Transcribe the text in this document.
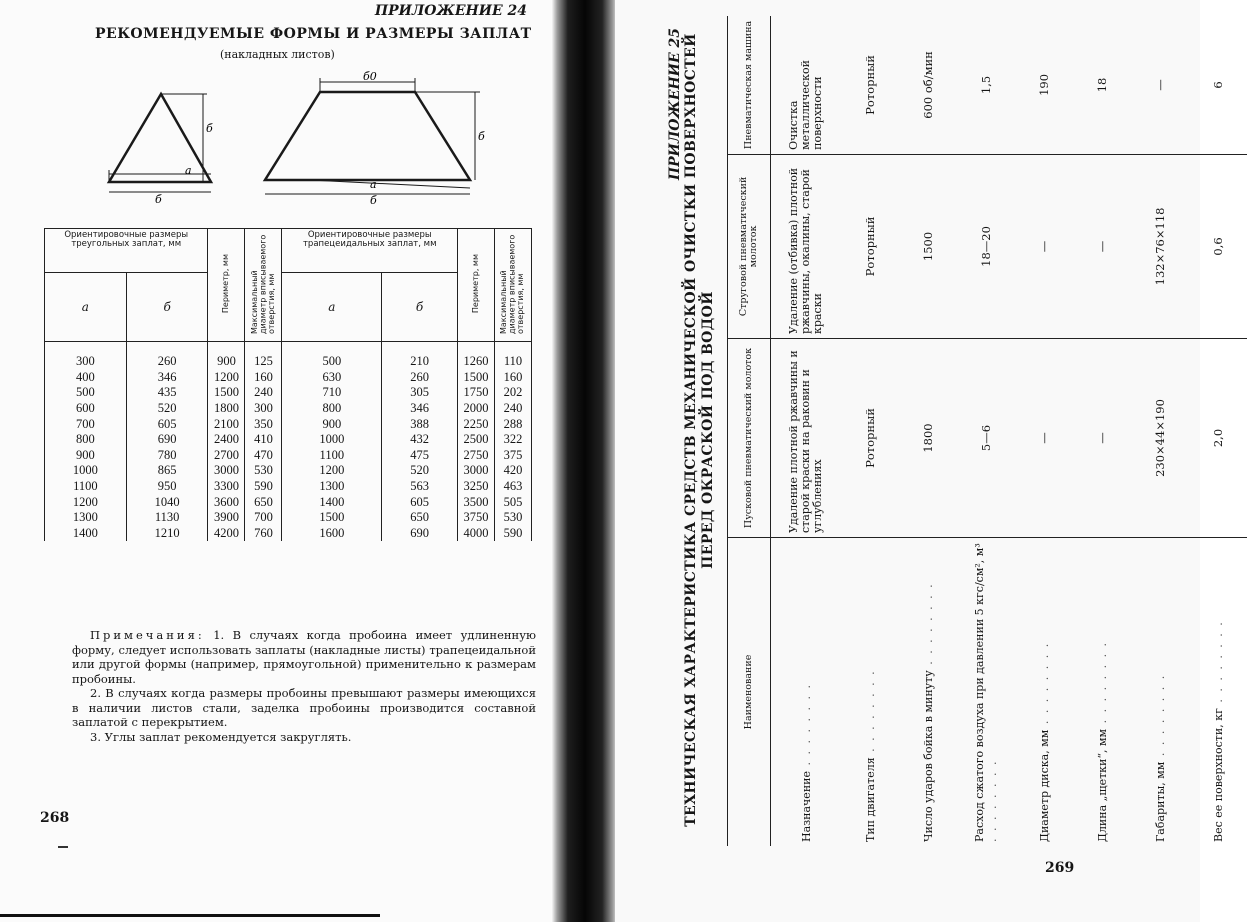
ПРИЛОЖЕНИЕ 24
РЕКОМЕНДУЕМЫЕ ФОРМЫ И РАЗМЕРЫ ЗАПЛАТ
(накладных листов)
a
б
б
б0
б
а
б
Ориентировочные размеры треугольных заплат, мм		Периметр, мм	Максимальный диаметр вписываемого отверстия, мм	Ориентировочные размеры трапецеидальных заплат, мм		Периметр, мм	Максимальный диаметр вписываемого отверстия, мм
а	б			а	б		
300	260	900	125	500	210	1260	110
400	346	1200	160	630	260	1500	160
500	435	1500	240	710	305	1750	202
600	520	1800	300	800	346	2000	240
700	605	2100	350	900	388	2250	288
800	690	2400	410	1000	432	2500	322
900	780	2700	470	1100	475	2750	375
1000	865	3000	530	1200	520	3000	420
1100	950	3300	590	1300	563	3250	463
1200	1040	3600	650	1400	605	3500	505
1300	1130	3900	700	1500	650	3750	530
1400	1210	4200	760	1600	690	4000	590

Примечания: 1. В случаях когда пробоина имеет удлиненную форму, следует использовать заплаты (накладные листы) трапецеидальной или другой формы (например, прямоугольной) применительно к размерам пробоины.

2. В случаях когда размеры пробоины превышают размеры имеющихся в наличии листов стали, заделка пробоины производится составной заплатой с перекрытием.

3. Углы заплат рекомендуется закруглять.

268
ПРИЛОЖЕНИЕ 25 ТЕХНИЧЕСКАЯ ХАРАКТЕРИСТИКА СРЕДСТВ МЕХАНИЧЕСКОЙ ОЧИСТКИ ПОВЕРХНОСТЕЙ ПЕРЕД ОКРАСКОЙ ПОД ВОДОЙ
Наименование	Пусковой пневматический молоток	Струговой пневматический молоток	Пневматическая машина
Назначение . . . . . . . .	Удаление плотной ржавчины и старой краски на раковин и углублениях	Удаление (отбивка) плотной ржавчины, окалины, старой краски	Очистка металлической поверхности
Тип двигателя . . . . . . . .	Роторный	Роторный	Роторный
Число ударов бойка в минуту . . . . . . . .	1800	1500	600 об/мин
Расход сжатого воздуха при давлении 5 кгс/см², м³ . . . . . . . .	5—6	18—20	1,5
Диаметр диска, мм . . . . . . . .	—	—	190
Длина „щетки“, мм . . . . . . . .	—	—	18
Габариты, мм . . . . . . . .	230×44×190	132×76×118	—
Вес ее поверхности, кг . . . . . . . .	2,0	0,6	6
269
